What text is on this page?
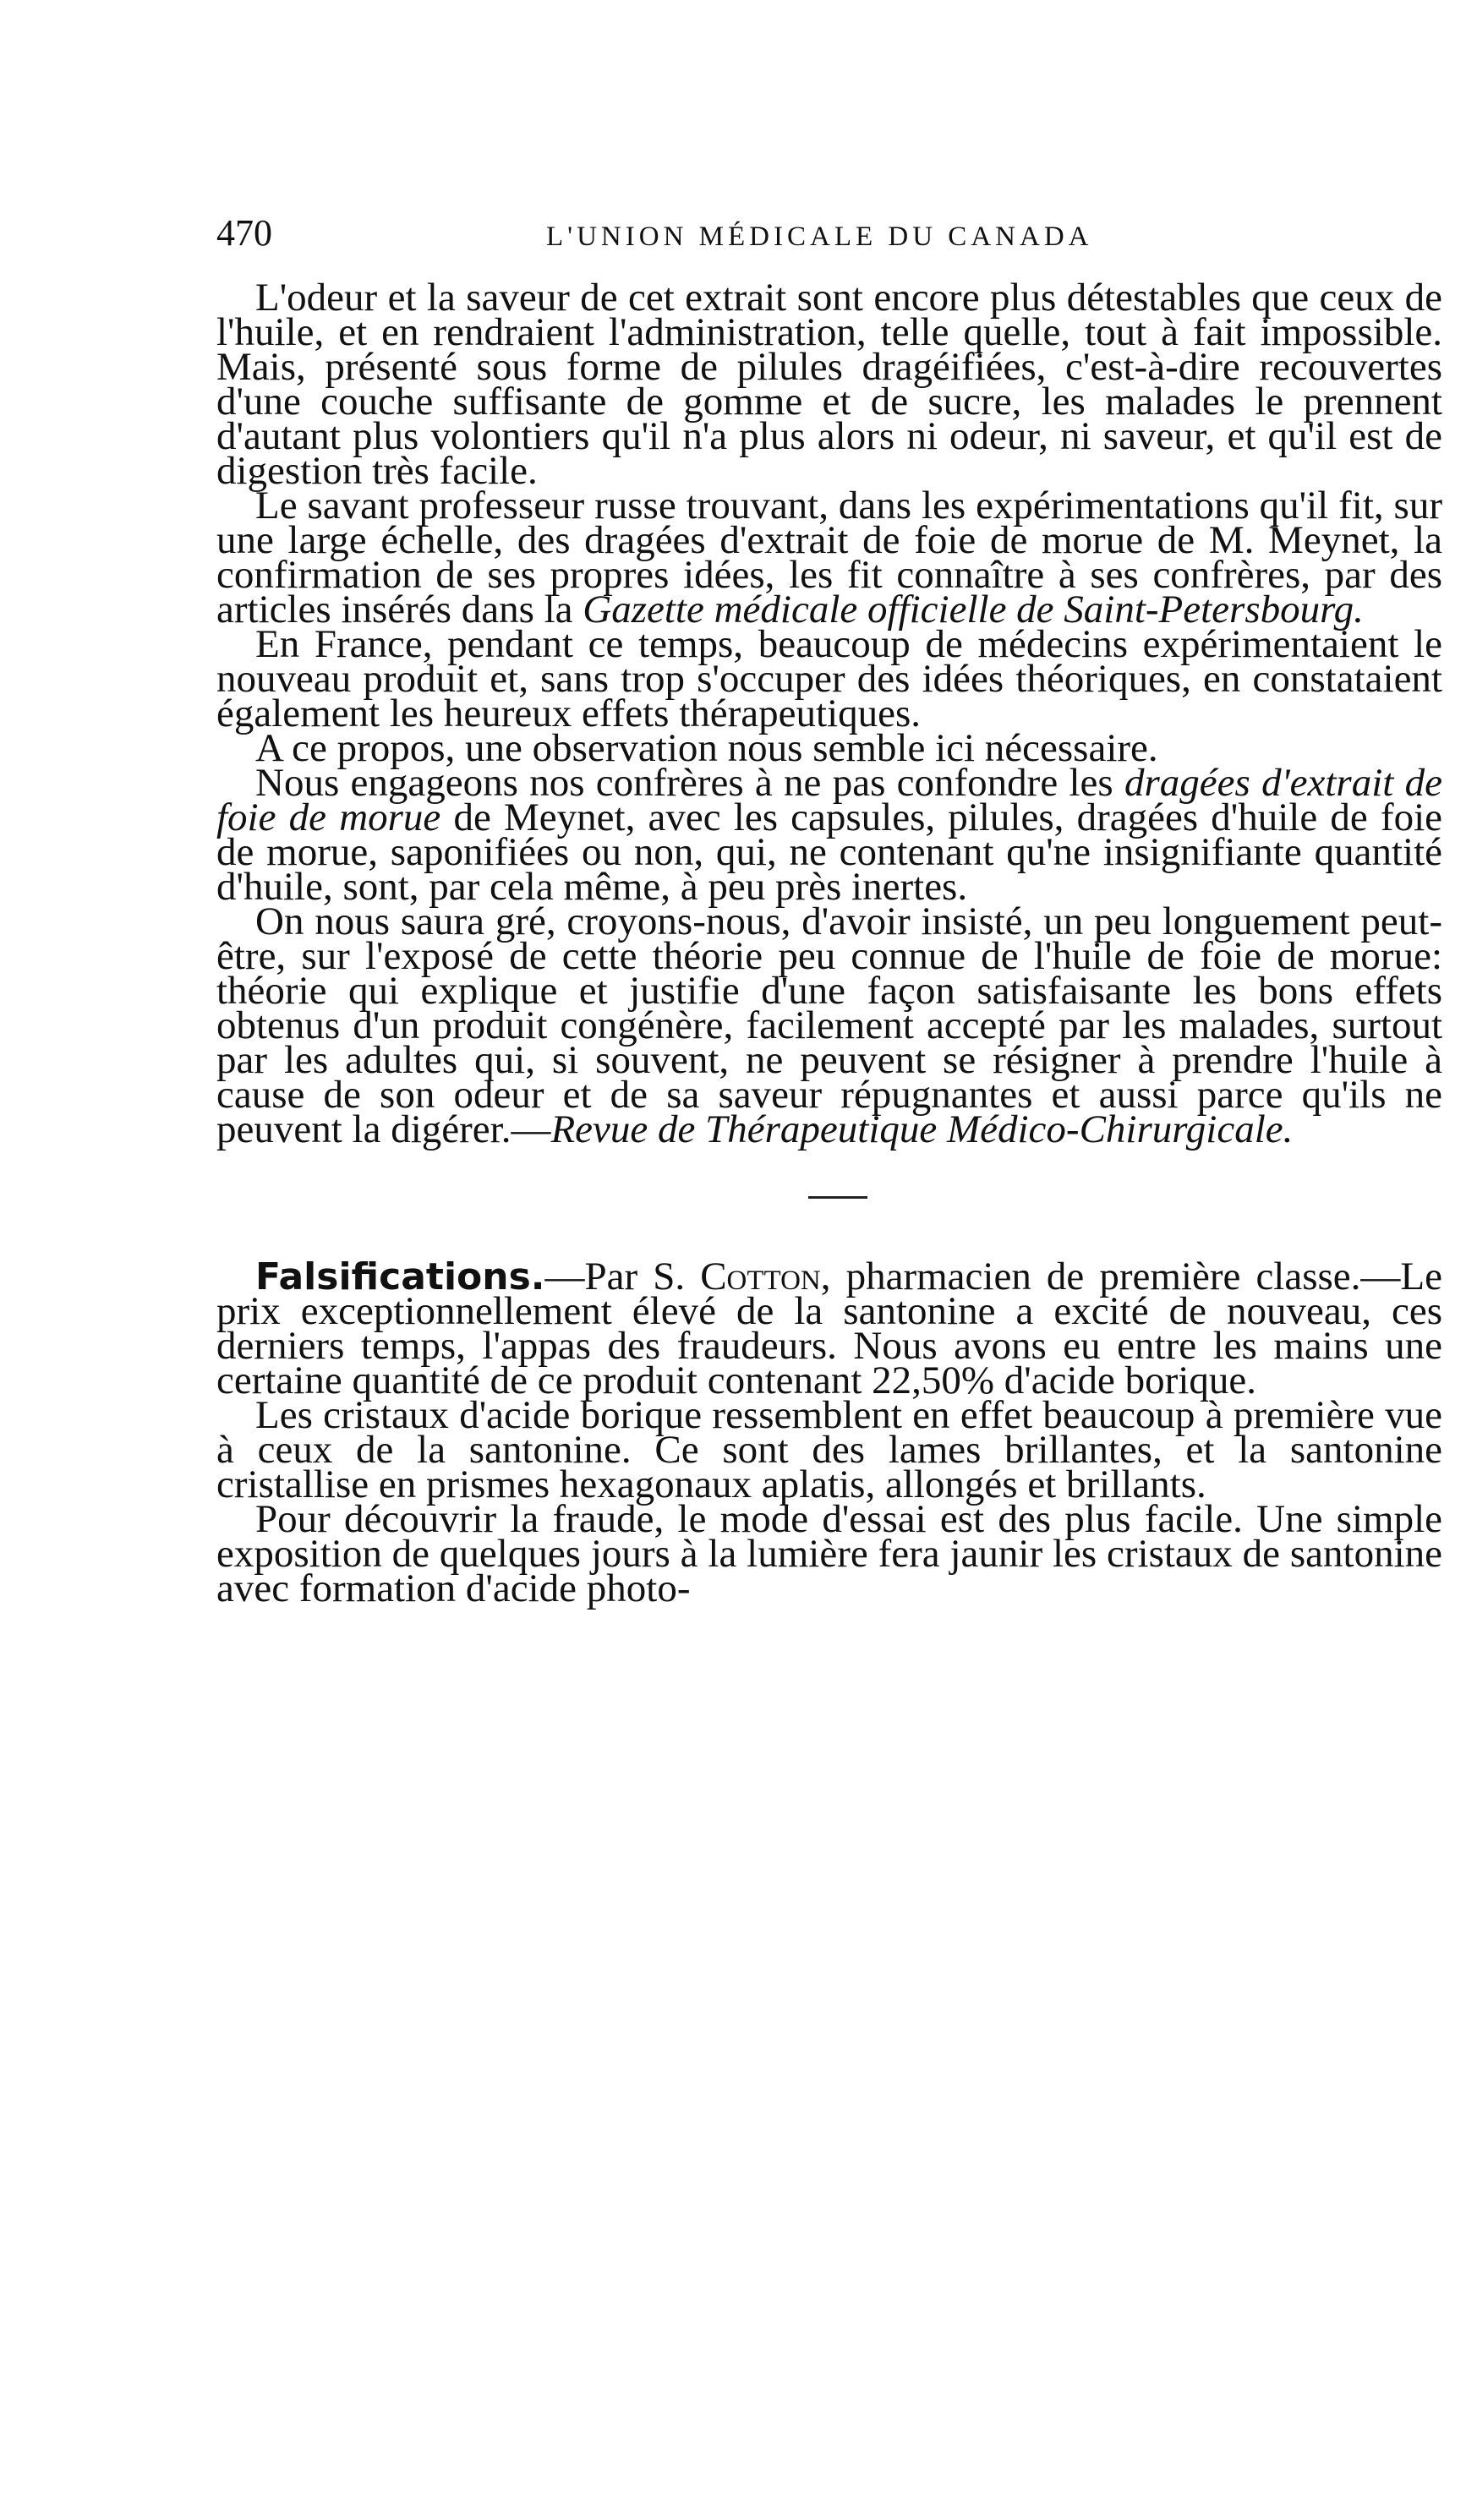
470	L'UNION MÉDICALE DU CANADA

L'odeur et la saveur de cet extrait sont encore plus détestables que ceux de l'huile, et en rendraient l'administration, telle quelle, tout à fait impossible. Mais, présenté sous forme de pilules dragéifiées, c'est-à-dire recouvertes d'une couche suffisante de gomme et de sucre, les malades le prennent d'autant plus volontiers qu'il n'a plus alors ni odeur, ni saveur, et qu'il est de digestion très facile.

Le savant professeur russe trouvant, dans les expérimentations qu'il fit, sur une large échelle, des dragées d'extrait de foie de morue de M. Meynet, la confirmation de ses propres idées, les fit connaître à ses confrères, par des articles insérés dans la Gazette médicale officielle de Saint-Petersbourg.

En France, pendant ce temps, beaucoup de médecins expérimentaient le nouveau produit et, sans trop s'occuper des idées théoriques, en constataient également les heureux effets thérapeutiques.

A ce propos, une observation nous semble ici nécessaire.

Nous engageons nos confrères à ne pas confondre les dragées d'extrait de foie de morue de Meynet, avec les capsules, pilules, dragées d'huile de foie de morue, saponifiées ou non, qui, ne contenant qu'ne insignifiante quantité d'huile, sont, par cela même, à peu près inertes.

On nous saura gré, croyons-nous, d'avoir insisté, un peu longuement peut-être, sur l'exposé de cette théorie peu connue de l'huile de foie de morue: théorie qui explique et justifie d'une façon satisfaisante les bons effets obtenus d'un produit congénère, facilement accepté par les malades, surtout par les adultes qui, si souvent, ne peuvent se résigner à prendre l'huile à cause de son odeur et de sa saveur répugnantes et aussi parce qu'ils ne peuvent la digérer.—Revue de Thérapeutique Médico-Chirurgicale.

Falsifications.—Par S. Cotton, pharmacien de première classe.—Le prix exceptionnellement élevé de la santonine a excité de nouveau, ces derniers temps, l'appas des fraudeurs. Nous avons eu entre les mains une certaine quantité de ce produit contenant 22,50% d'acide borique.

Les cristaux d'acide borique ressemblent en effet beaucoup à première vue à ceux de la santonine. Ce sont des lames brillantes, et la santonine cristallise en prismes hexagonaux aplatis, allongés et brillants.

Pour découvrir la fraude, le mode d'essai est des plus facile. Une simple exposition de quelques jours à la lumière fera jaunir les cristaux de santonine avec formation d'acide photo-
